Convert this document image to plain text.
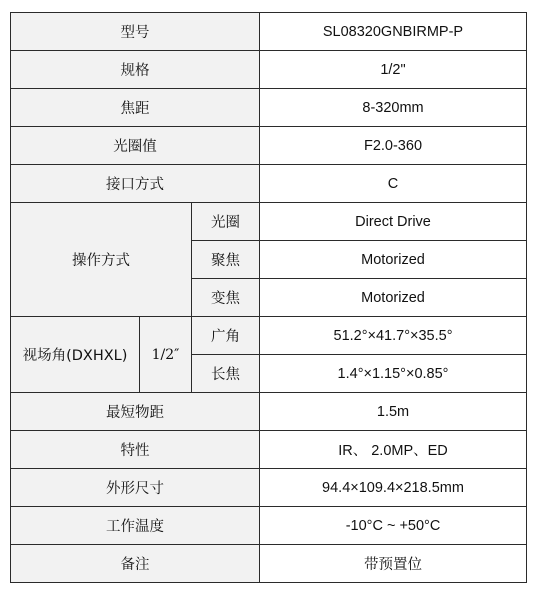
型号			SL08320GNBIRMP-P
规格			1/2"
焦距			8-320mm
光圈值			F2.0-360
接口方式			C
操作方式		光圈	Direct Drive
		聚焦	Motorized
		变焦	Motorized
视场角(DXHXL)	1/2″	广角	51.2°×41.7°×35.5°
		长焦	1.4°×1.15°×0.85°
最短物距			1.5m
特性			IR、 2.0MP、ED
外形尺寸			94.4×109.4×218.5mm
工作温度			-10°C ~ +50°C
备注			带预置位
